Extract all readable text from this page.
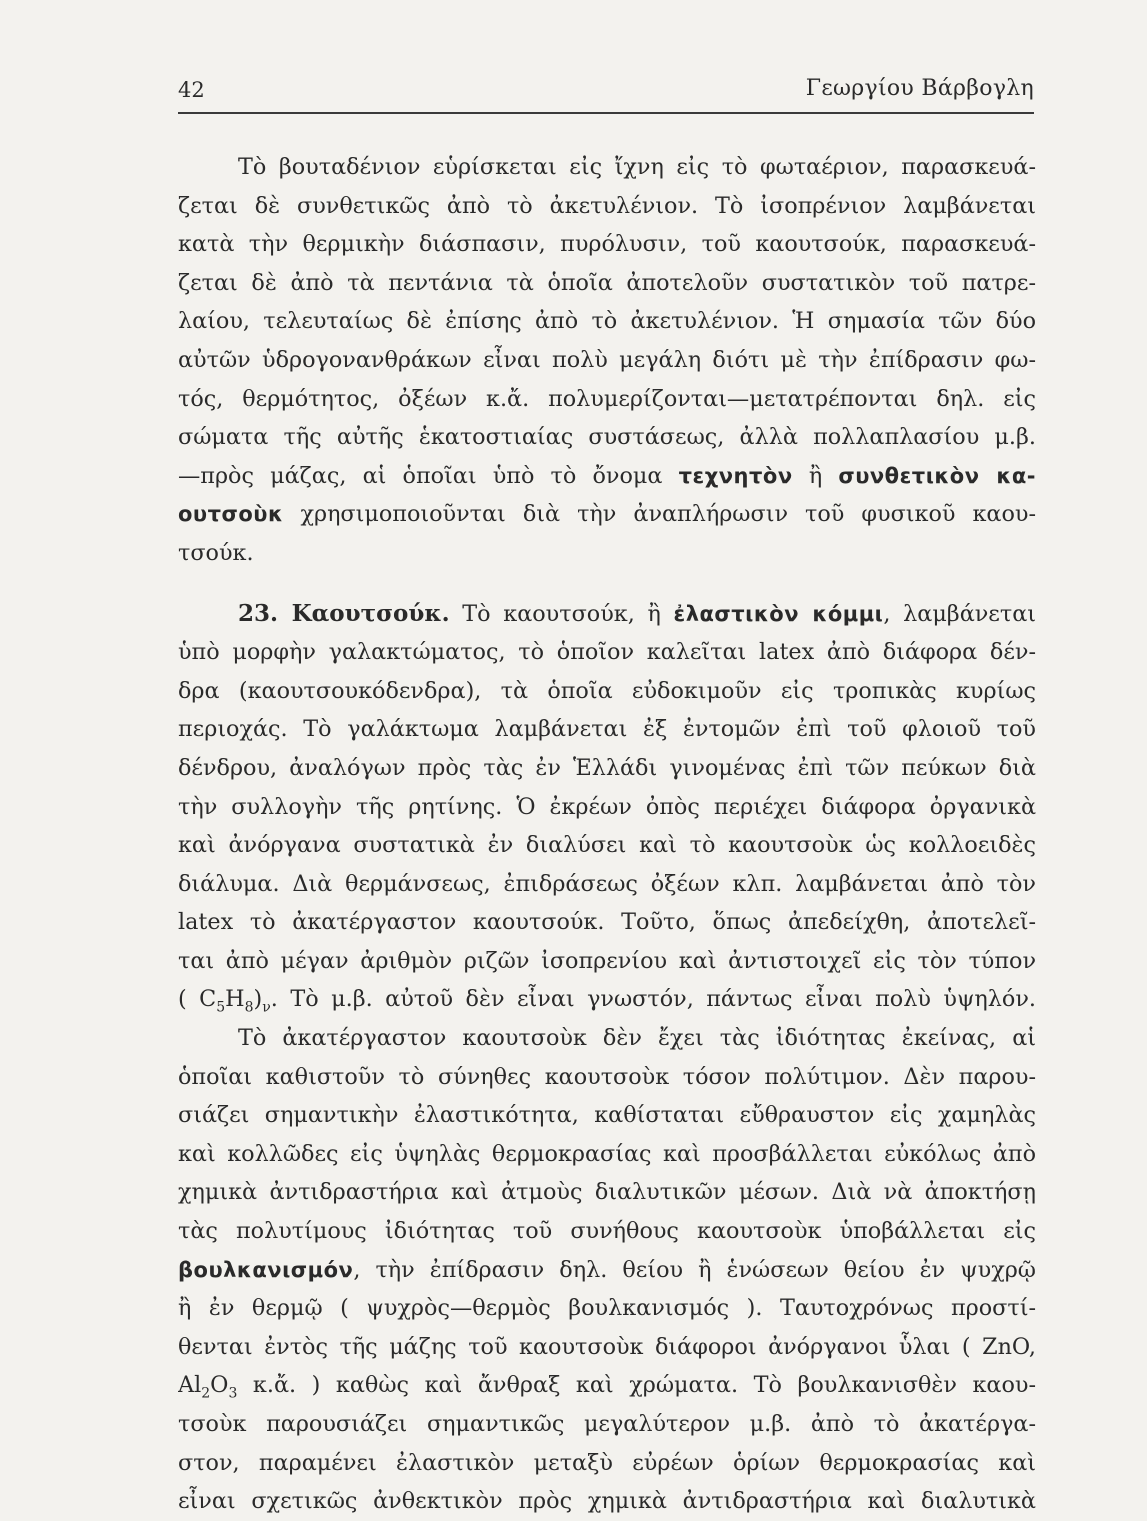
42	Γεωργίου Βάρβογλη
Τὸ βουταδένιον εὑρίσκεται εἰς ἴχνη εἰς τὸ φωταέριον, παρασκευά-
ζεται δὲ συνθετικῶς ἀπὸ τὸ ἀκετυλένιον. Τὸ ἰσοπρένιον λαμβάνεται
κατὰ τὴν θερμικὴν διάσπασιν, πυρόλυσιν, τοῦ καουτσούκ, παρασκευά-
ζεται δὲ ἀπὸ τὰ πεντάνια τὰ ὁποῖα ἀποτελοῦν συστατικὸν τοῦ πατρε-
λαίου, τελευταίως δὲ ἐπίσης ἀπὸ τὸ ἀκετυλένιον. Ἡ σημασία τῶν δύο
αὐτῶν ὑδρογονανθράκων εἶναι πολὺ μεγάλη διότι μὲ τὴν ἐπίδρασιν φω-
τός, θερμότητος, ὀξέων κ.ἄ. πολυμερίζονται—μετατρέπονται δηλ. εἰς
σώματα τῆς αὐτῆς ἑκατοστιαίας συστάσεως, ἀλλὰ πολλαπλασίου μ.β.
—πρὸς μάζας, αἱ ὁποῖαι ὑπὸ τὸ ὄνομα τεχνητὸν ἢ συνθετικὸν κα-
ουτσοὺκ χρησιμοποιοῦνται διὰ τὴν ἀναπλήρωσιν τοῦ φυσικοῦ καου-
τσούκ.
23. Καουτσούκ. Τὸ καουτσούκ, ἢ ἐλαστικὸν κόμμι, λαμβάνεται
ὑπὸ μορφὴν γαλακτώματος, τὸ ὁποῖον καλεῖται latex ἀπὸ διάφορα δέν-
δρα (καουτσουκόδενδρα), τὰ ὁποῖα εὐδοκιμοῦν εἰς τροπικὰς κυρίως
περιοχάς. Τὸ γαλάκτωμα λαμβάνεται ἐξ ἐντομῶν ἐπὶ τοῦ φλοιοῦ τοῦ
δένδρου, ἀναλόγων πρὸς τὰς ἐν Ἑλλάδι γινομένας ἐπὶ τῶν πεύκων διὰ
τὴν συλλογὴν τῆς ρητίνης. Ὁ ἐκρέων ὀπὸς περιέχει διάφορα ὀργανικὰ
καὶ ἀνόργανα συστατικὰ ἐν διαλύσει καὶ τὸ καουτσοὺκ ὡς κολλοειδὲς
διάλυμα. Διὰ θερμάνσεως, ἐπιδράσεως ὀξέων κλπ. λαμβάνεται ἀπὸ τὸν
latex τὸ ἀκατέργαστον καουτσούκ. Τοῦτο, ὅπως ἀπεδείχθη, ἀποτελεῖ-
ται ἀπὸ μέγαν ἀριθμὸν ριζῶν ἰσοπρενίου καὶ ἀντιστοιχεῖ εἰς τὸν τύπον
( $C_5H_8)_\nu$. Τὸ μ.β. αὐτοῦ δὲν εἶναι γνωστόν, πάντως εἶναι πολὺ ὑψηλόν.
Τὸ ἀκατέργαστον καουτσοὺκ δὲν ἔχει τὰς ἰδιότητας ἐκείνας, αἱ
ὁποῖαι καθιστοῦν τὸ σύνηθες καουτσοὺκ τόσον πολύτιμον. Δὲν παρου-
σιάζει σημαντικὴν ἐλαστικότητα, καθίσταται εὔθραυστον εἰς χαμηλὰς
καὶ κολλῶδες εἰς ὑψηλὰς θερμοκρασίας καὶ προσβάλλεται εὐκόλως ἀπὸ
χημικὰ ἀντιδραστήρια καὶ ἀτμοὺς διαλυτικῶν μέσων. Διὰ νὰ ἀποκτήσῃ
τὰς πολυτίμους ἰδιότητας τοῦ συνήθους καουτσοὺκ ὑποβάλλεται εἰς
βουλκανισμόν, τὴν ἐπίδρασιν δηλ. θείου ἢ ἑνώσεων θείου ἐν ψυχρῷ
ἢ ἐν θερμῷ ( ψυχρὸς—θερμὸς βουλκανισμός ). Ταυτοχρόνως προστί-
θενται ἐντὸς τῆς μάζης τοῦ καουτσοὺκ διάφοροι ἀνόργανοι ὗλαι ( ZnO,
$Al_2O_3$ κ.ἄ. ) καθὼς καὶ ἄνθραξ καὶ χρώματα. Τὸ βουλκανισθὲν καου-
τσοὺκ παρουσιάζει σημαντικῶς μεγαλύτερον μ.β. ἀπὸ τὸ ἀκατέργα-
στον, παραμένει ἐλαστικὸν μεταξὺ εὐρέων ὁρίων θερμοκρασίας καὶ
εἶναι σχετικῶς ἀνθεκτικὸν πρὸς χημικὰ ἀντιδραστήρια καὶ διαλυτικὰ
